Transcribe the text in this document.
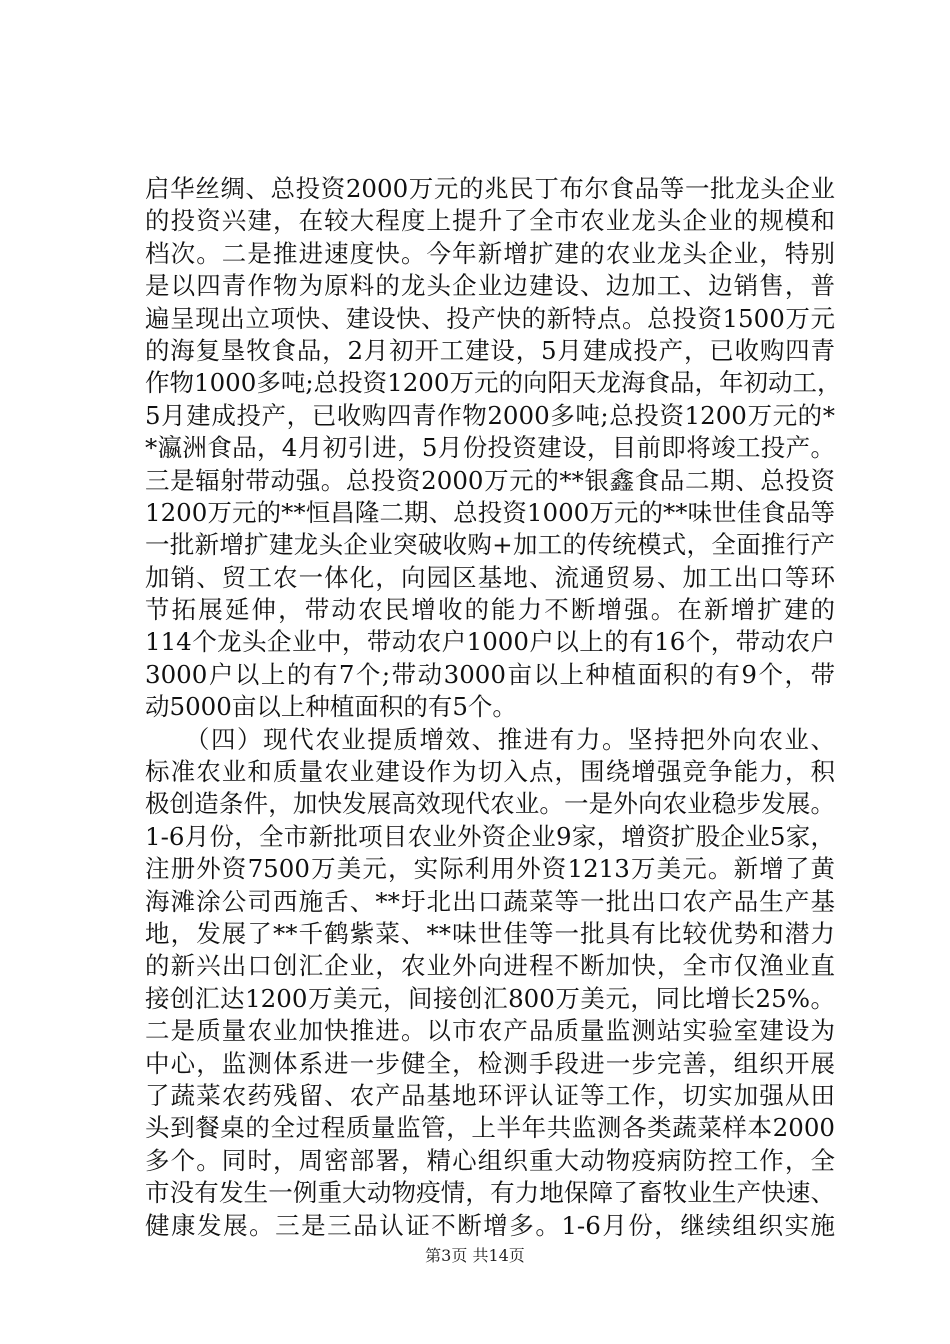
启华丝绸、总投资2000万元的兆民丁布尔食品等一批龙头企业
的投资兴建，在较大程度上提升了全市农业龙头企业的规模和
档次。二是推进速度快。今年新增扩建的农业龙头企业，特别
是以四青作物为原料的龙头企业边建设、边加工、边销售，普
遍呈现出立项快、建设快、投产快的新特点。总投资1500万元
的海复垦牧食品，2月初开工建设，5月建成投产，已收购四青
作物1000多吨;总投资1200万元的向阳天龙海食品，年初动工，
5月建成投产，已收购四青作物2000多吨;总投资1200万元的*
*瀛洲食品，4月初引进，5月份投资建设，目前即将竣工投产。
三是辐射带动强。总投资2000万元的**银鑫食品二期、总投资
1200万元的**恒昌隆二期、总投资1000万元的**味世佳食品等
一批新增扩建龙头企业突破收购+加工的传统模式，全面推行产
加销、贸工农一体化，向园区基地、流通贸易、加工出口等环
节拓展延伸，带动农民增收的能力不断增强。在新增扩建的
114个龙头企业中，带动农户1000户以上的有16个，带动农户
3000户以上的有7个;带动3000亩以上种植面积的有9个，带
动5000亩以上种植面积的有5个。
　　（四）现代农业提质增效、推进有力。坚持把外向农业、
标准农业和质量农业建设作为切入点，围绕增强竞争能力，积
极创造条件，加快发展高效现代农业。一是外向农业稳步发展。
1-6月份，全市新批项目农业外资企业9家，增资扩股企业5家，
注册外资7500万美元，实际利用外资1213万美元。新增了黄
海滩涂公司西施舌、**圩北出口蔬菜等一批出口农产品生产基
地，发展了**千鹤紫菜、**味世佳等一批具有比较优势和潜力
的新兴出口创汇企业，农业外向进程不断加快，全市仅渔业直
接创汇达1200万美元，间接创汇800万美元，同比增长25%。
二是质量农业加快推进。以市农产品质量监测站实验室建设为
中心，监测体系进一步健全，检测手段进一步完善，组织开展
了蔬菜农药残留、农产品基地环评认证等工作，切实加强从田
头到餐桌的全过程质量监管，上半年共监测各类蔬菜样本2000
多个。同时，周密部署，精心组织重大动物疫病防控工作，全
市没有发生一例重大动物疫情，有力地保障了畜牧业生产快速、
健康发展。三是三品认证不断增多。1-6月份，继续组织实施
第3页 共14页
